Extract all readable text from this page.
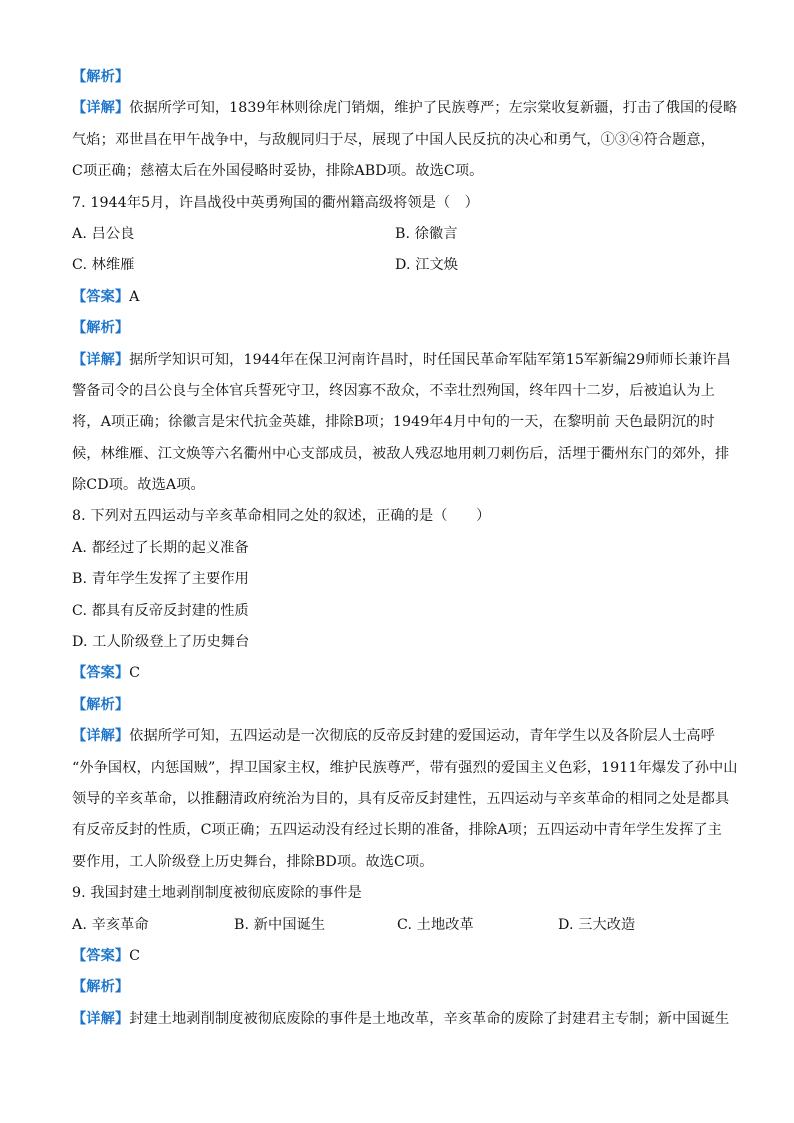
【解析】
【详解】依据所学可知，1839年林则徐虎门销烟，维护了民族尊严；左宗棠收复新疆，打击了俄国的侵略
气焰；邓世昌在甲午战争中，与敌舰同归于尽，展现了中国人民反抗的决心和勇气，①③④符合题意，
C项正确；慈禧太后在外国侵略时妥协，排除ABD项。故选C项。
7. 1944年5月，许昌战役中英勇殉国的衢州籍高级将领是（　）
A. 吕公良	B. 徐徽言
C. 林维雁	D. 江文焕
【答案】A
【解析】
【详解】据所学知识可知，1944年在保卫河南许昌时，时任国民革命军陆军第15军新编29师师长兼许昌
警备司令的吕公良与全体官兵誓死守卫，终因寡不敌众，不幸壮烈殉国，终年四十二岁，后被追认为上
将，A项正确；徐徽言是宋代抗金英雄，排除B项；1949年4月中旬的一天，在黎明前 天色最阴沉的时
候，林维雁、江文焕等六名衢州中心支部成员，被敌人残忍地用刺刀刺伤后，活埋于衢州东门的郊外，排
除CD项。故选A项。
8. 下列对五四运动与辛亥革命相同之处的叙述，正确的是（　　）
A. 都经过了长期的起义准备
B. 青年学生发挥了主要作用
C. 都具有反帝反封建的性质
D. 工人阶级登上了历史舞台
【答案】C
【解析】
【详解】依据所学可知，五四运动是一次彻底的反帝反封建的爱国运动，青年学生以及各阶层人士高呼
“外争国权，内惩国贼”，捍卫国家主权，维护民族尊严，带有强烈的爱国主义色彩，1911年爆发了孙中山
领导的辛亥革命，以推翻清政府统治为目的，具有反帝反封建性，五四运动与辛亥革命的相同之处是都具
有反帝反封的性质，C项正确；五四运动没有经过长期的准备，排除A项；五四运动中青年学生发挥了主
要作用，工人阶级登上历史舞台，排除BD项。故选C项。
9. 我国封建土地剥削制度被彻底废除的事件是
A. 辛亥革命	B. 新中国诞生	C. 土地改革	D. 三大改造
【答案】C
【解析】
【详解】封建土地剥削制度被彻底废除的事件是土地改革，辛亥革命的废除了封建君主专制；新中国诞生
